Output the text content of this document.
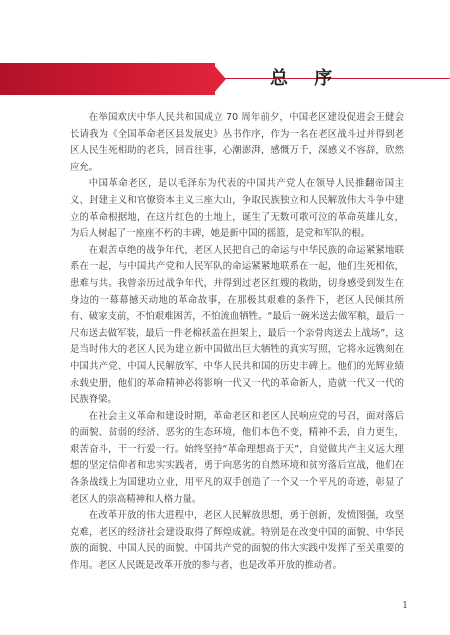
总 序

在举国欢庆中华人民共和国成立 70 周年前夕，中国老区建设促进会王健会长请我为《全国革命老区县发展史》丛书作序，作为一名在老区战斗过并得到老区人民生死相助的老兵，回首往事，心潮澎湃，感慨万千，深感义不容辞，欣然应允。

中国革命老区，是以毛泽东为代表的中国共产党人在领导人民推翻帝国主义、封建主义和官僚资本主义三座大山，争取民族独立和人民解放伟大斗争中建立的革命根据地，在这片红色的土地上，诞生了无数可歌可泣的革命英雄儿女，为后人树起了一座座不朽的丰碑，她是新中国的摇篮，是党和军队的根。

在艰苦卓绝的战争年代，老区人民把自己的命运与中华民族的命运紧紧地联系在一起，与中国共产党和人民军队的命运紧紧地联系在一起，他们生死相依，患难与共。我曾亲历过战争年代，并得到过老区红嫂的救助，切身感受到发生在身边的一幕幕撼天动地的革命故事，在那极其艰难的条件下，老区人民倾其所有、破家支前，不怕艰难困苦，不怕流血牺牲。“最后一碗米送去做军粮，最后一尺布送去做军装，最后一件老棉袄盖在担架上，最后一个亲骨肉送去上战场”，这是当时伟大的老区人民为建立新中国做出巨大牺牲的真实写照，它将永远镌刻在中国共产党、中国人民解放军、中华人民共和国的历史丰碑上。他们的光辉业绩永载史册，他们的革命精神必将影响一代又一代的革命新人，造就一代又一代的民族脊梁。

在社会主义革命和建设时期，革命老区和老区人民响应党的号召，面对落后的面貌、贫弱的经济、恶劣的生态环境，他们本色不变，精神不丢，自力更生，艰苦奋斗，干一行爱一行。始终坚持“革命理想高于天”，自觉做共产主义远大理想的坚定信仰者和忠实实践者，勇于向恶劣的自然环境和贫穷落后宣战，他们在各条战线上为国建功立业，用平凡的双手创造了一个又一个平凡的奇迹，彰显了老区人的崇高精神和人格力量。

在改革开放的伟大进程中，老区人民解放思想，勇于创新，发愤图强，攻坚克难，老区的经济社会建设取得了辉煌成就。特别是在改变中国的面貌、中华民族的面貌、中国人民的面貌、中国共产党的面貌的伟大实践中发挥了至关重要的作用。老区人民既是改革开放的参与者，也是改革开放的推动者。

1
